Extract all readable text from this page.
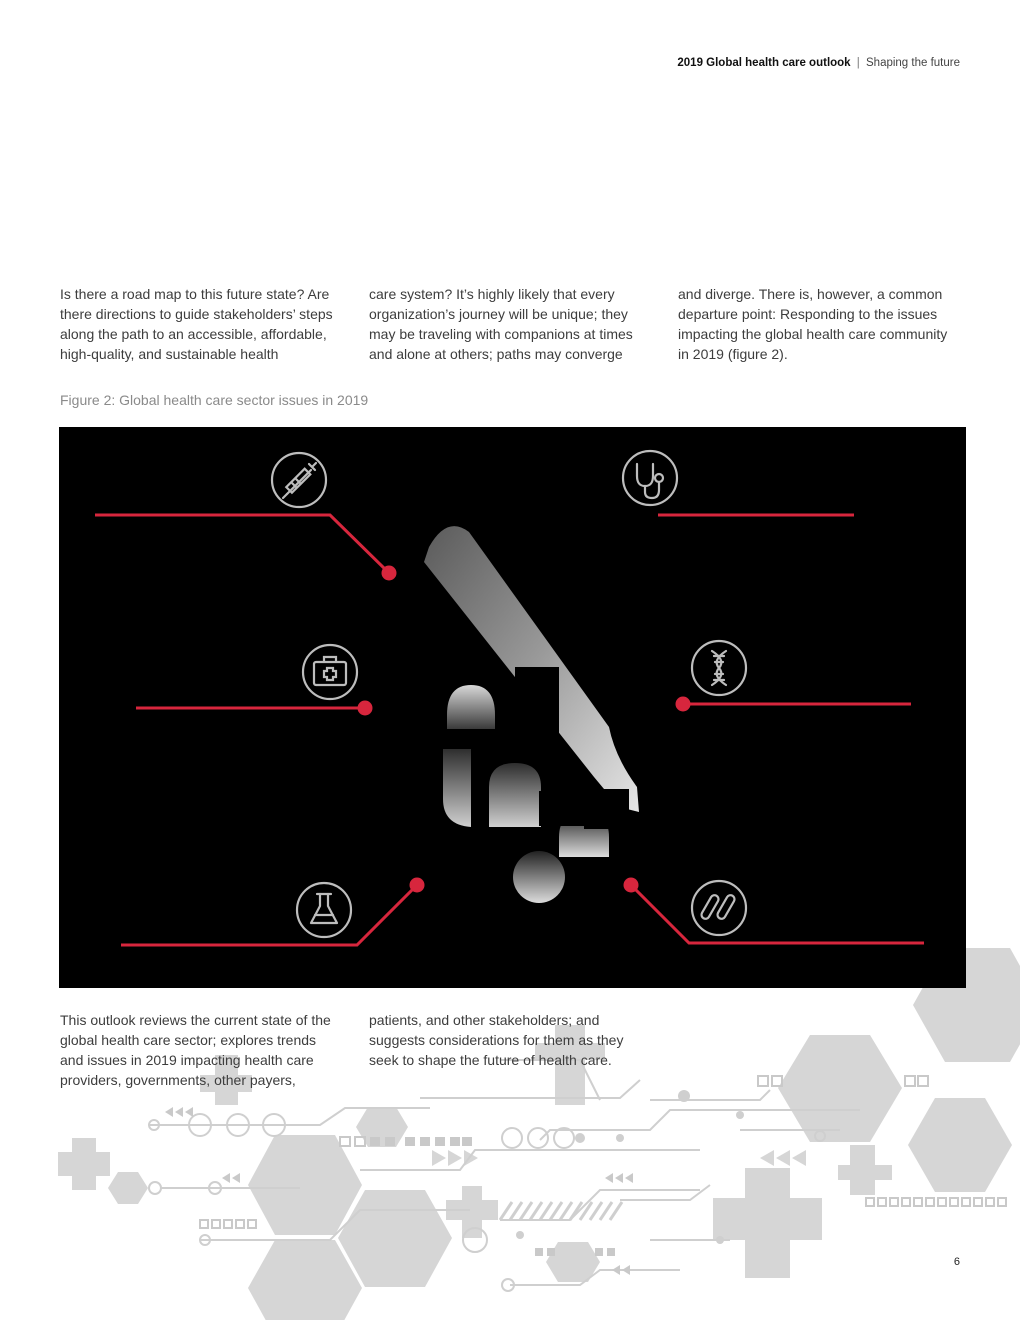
2019 Global health care outlook | Shaping the future

Is there a road map to this future state? Are there directions to guide stakeholders’ steps along the path to an accessible, affordable, high-quality, and sustainable health

care system? It’s highly likely that every organization’s journey will be unique; they may be traveling with companions at times and alone at others; paths may converge

and diverge. There is, however, a common departure point: Responding to the issues impacting the global health care community in 2019 (figure 2).

Figure 2: Global health care sector issues in 2019

This outlook reviews the current state of the global health care sector; explores trends and issues in 2019 impacting health care providers, governments, other payers,

patients, and other stakeholders; and suggests considerations for them as they seek to shape the future of health care.

6
